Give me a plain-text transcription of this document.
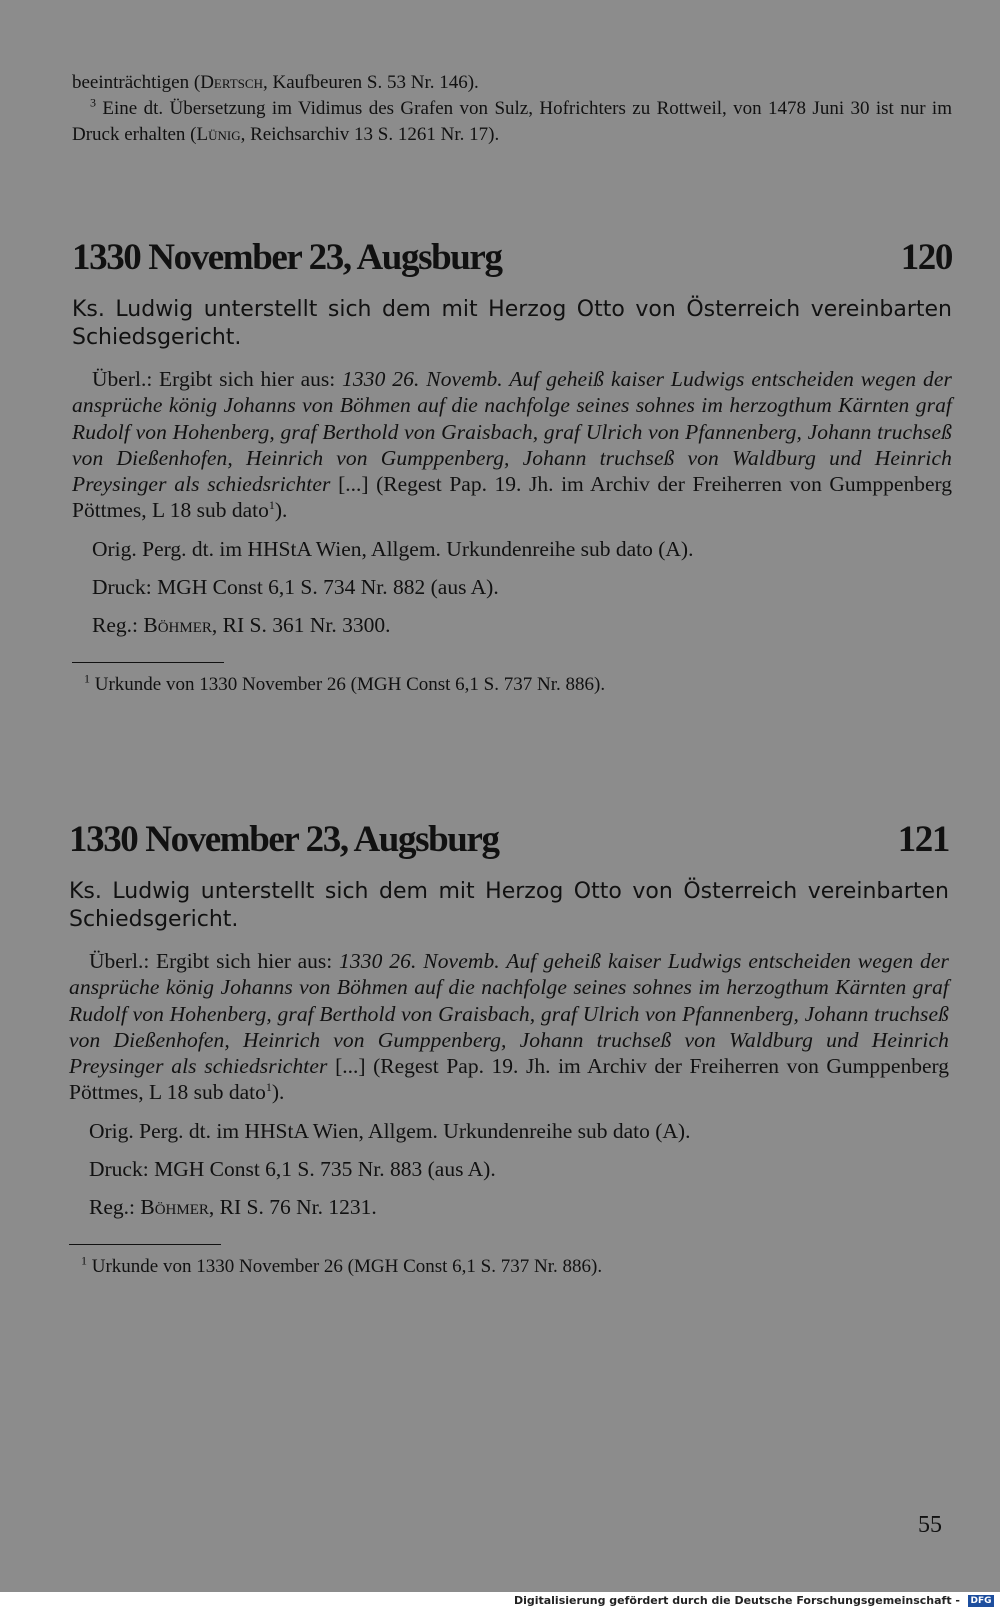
beeinträchtigen (Dertsch, Kaufbeuren S. 53 Nr. 146).

$^3$ Eine dt. Übersetzung im Vidimus des Grafen von Sulz, Hofrichters zu Rottweil, von 1478 Juni 30 ist nur im Druck erhalten (Lünig, Reichsarchiv 13 S. 1261 Nr. 17).

1330 November 23, Augsburg	120

Ks. Ludwig unterstellt sich dem mit Herzog Otto von Österreich vereinbarten Schiedsgericht.

Überl.: Ergibt sich hier aus: 1330 26. Novemb. Auf geheiß kaiser Ludwigs entscheiden wegen der ansprüche könig Johanns von Böhmen auf die nachfolge seines sohnes im herzogthum Kärnten graf Rudolf von Hohenberg, graf Berthold von Graisbach, graf Ulrich von Pfannenberg, Johann truchseß von Dießenhofen, Heinrich von Gumppenberg, Johann truchseß von Waldburg und Heinrich Preysinger als schiedsrichter [...] (Regest Pap. 19. Jh. im Archiv der Freiherren von Gumppenberg Pöttmes, L 18 sub dato$^1$).

Orig. Perg. dt. im HHStA Wien, Allgem. Urkundenreihe sub dato (A).

Druck: MGH Const 6,1 S. 734 Nr. 882 (aus A).

Reg.: Böhmer, RI S. 361 Nr. 3300.

$^1$ Urkunde von 1330 November 26 (MGH Const 6,1 S. 737 Nr. 886).

1330 November 23, Augsburg	121

Ks. Ludwig unterstellt sich dem mit Herzog Otto von Österreich vereinbarten Schiedsgericht.

Überl.: Ergibt sich hier aus: 1330 26. Novemb. Auf geheiß kaiser Ludwigs entscheiden wegen der ansprüche könig Johanns von Böhmen auf die nachfolge seines sohnes im herzogthum Kärnten graf Rudolf von Hohenberg, graf Berthold von Graisbach, graf Ulrich von Pfannenberg, Johann truchseß von Dießenhofen, Heinrich von Gumppenberg, Johann truchseß von Waldburg und Heinrich Preysinger als schiedsrichter [...] (Regest Pap. 19. Jh. im Archiv der Freiherren von Gumppenberg Pöttmes, L 18 sub dato$^1$).

Orig. Perg. dt. im HHStA Wien, Allgem. Urkundenreihe sub dato (A).

Druck: MGH Const 6,1 S. 735 Nr. 883 (aus A).

Reg.: Böhmer, RI S. 76 Nr. 1231.

$^1$ Urkunde von 1330 November 26 (MGH Const 6,1 S. 737 Nr. 886).

55
Digitalisierung gefördert durch die Deutsche Forschungsgemeinschaft -	DFG
